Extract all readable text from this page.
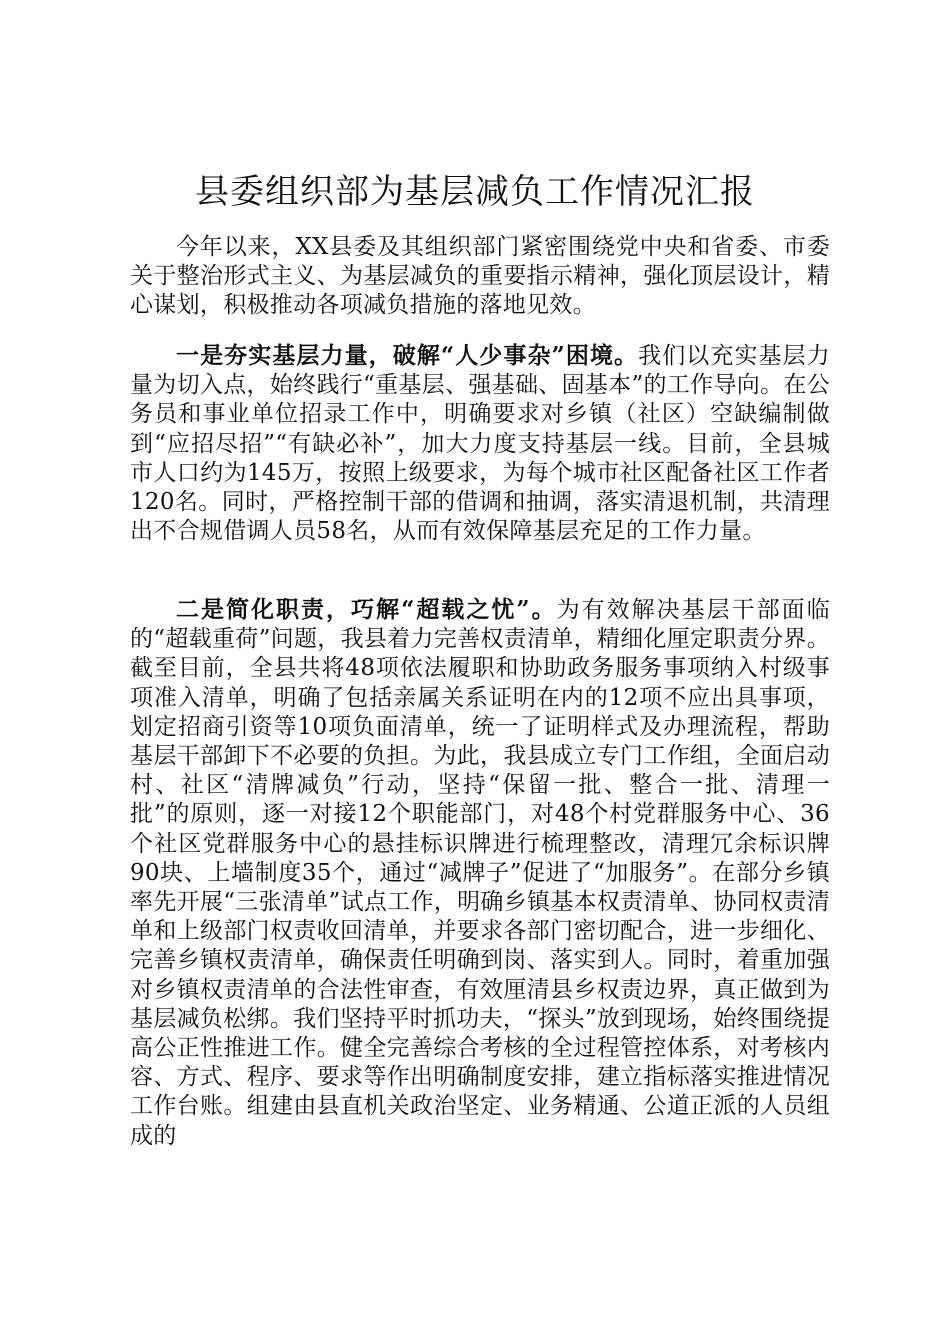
县委组织部为基层减负工作情况汇报

今年以来，XX县委及其组织部门紧密围绕党中央和省委、市委关于整治形式主义、为基层减负的重要指示精神，强化顶层设计，精心谋划，积极推动各项减负措施的落地见效。

一是夯实基层力量，破解“人少事杂”困境。我们以充实基层力量为切入点，始终践行“重基层、强基础、固基本”的工作导向。在公务员和事业单位招录工作中，明确要求对乡镇（社区）空缺编制做到“应招尽招”“有缺必补”，加大力度支持基层一线。目前，全县城市人口约为145万，按照上级要求，为每个城市社区配备社区工作者120名。同时，严格控制干部的借调和抽调，落实清退机制，共清理出不合规借调人员58名，从而有效保障基层充足的工作力量。

二是简化职责，巧解“超载之忧”。为有效解决基层干部面临的“超载重荷”问题，我县着力完善权责清单，精细化厘定职责分界。截至目前，全县共将48项依法履职和协助政务服务事项纳入村级事项准入清单，明确了包括亲属关系证明在内的12项不应出具事项，划定招商引资等10项负面清单，统一了证明样式及办理流程，帮助基层干部卸下不必要的负担。为此，我县成立专门工作组，全面启动村、社区“清牌减负”行动，坚持“保留一批、整合一批、清理一批”的原则，逐一对接12个职能部门，对48个村党群服务中心、36个社区党群服务中心的悬挂标识牌进行梳理整改，清理冗余标识牌90块、上墙制度35个，通过“减牌子”促进了“加服务”。在部分乡镇率先开展“三张清单”试点工作，明确乡镇基本权责清单、协同权责清单和上级部门权责收回清单，并要求各部门密切配合，进一步细化、完善乡镇权责清单，确保责任明确到岗、落实到人。同时，着重加强对乡镇权责清单的合法性审查，有效厘清县乡权责边界，真正做到为基层减负松绑。我们坚持平时抓功夫，“探头”放到现场，始终围绕提高公正性推进工作。健全完善综合考核的全过程管控体系，对考核内容、方式、程序、要求等作出明确制度安排，建立指标落实推进情况工作台账。组建由县直机关政治坚定、业务精通、公道正派的人员组成的
